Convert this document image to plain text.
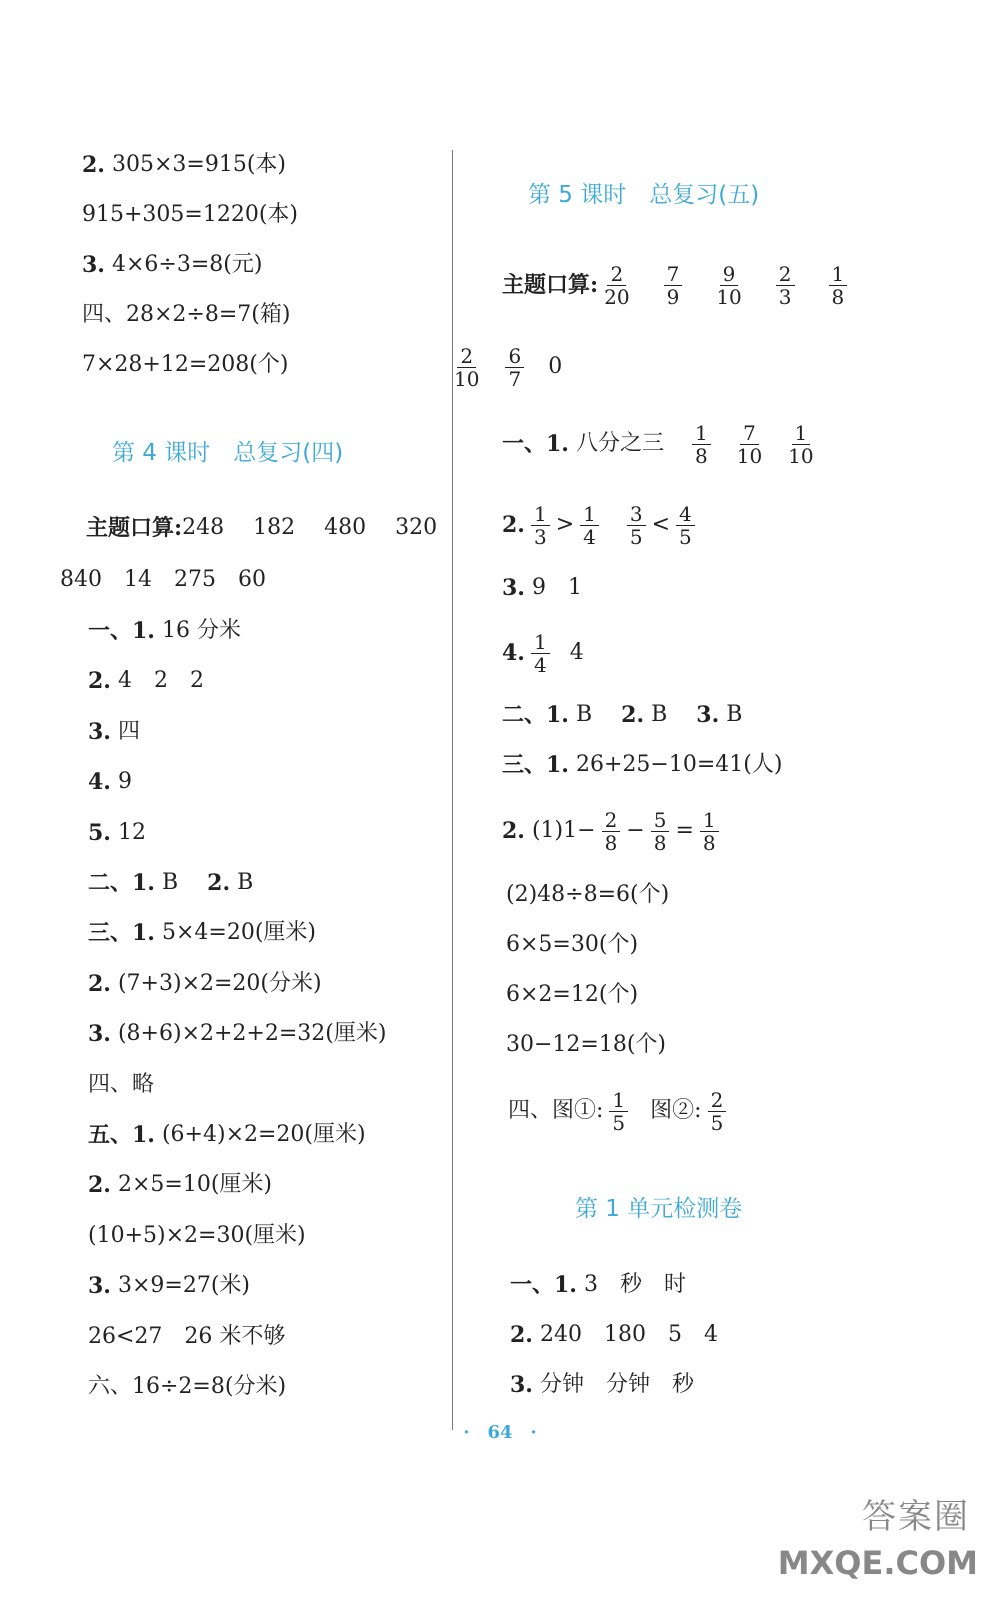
2.
305×3=915(本)
915+305=1220(本)
3.
4×6÷3=8(元)
四、28×2÷8=7(箱)
7×28+12=208(个)
第 4 课时　总复习(四)
主题口算: 248　 182　 480　 320
840　14　275　60
一、1.
16 分米
2.
4　2　2
3.
四
4.
9
5.
12
二、1.
B　
2.
B
三、1.
5×4=20(厘米)
2.
(7+3)×2=20(分米)
3.
(8+6)×2+2+2=32(厘米)
四、略
五、1.
(6+4)×2=20(厘米)
2.
2×5=10(厘米)
(10+5)×2=30(厘米)
3.
3×9=27(米)
26<27　26 米不够
六、16÷2=8(分米)
第 5 课时　总复习(五)
主题口算: $\frac{2}{20} \frac{7}{9} \frac{9}{10} \frac{2}{3} \frac{1}{8}$
$\frac{2}{10} \frac{6}{7} 0$
一、1.
八分之三 $\frac{1}{8} \frac{7}{10} \frac{1}{10}$
2. $\frac{1}{3} > \frac{1}{4} \frac{3}{5} < \frac{4}{5}$
3.
9　1
4. $\frac{1}{4} 4$
二、1.
B　
2.
B　
3.
B
三、1.
26+25−10=41(人)
2.
$(1)1- \frac{2}{8} - \frac{5}{8} = \frac{1}{8}$
(2)48÷8=6(个)
6×5=30(个)
6×2=12(个)
30−12=18(个)
四、图①: $\frac{1}{5}$ 图②: $\frac{2}{5}$
第 1 单元检测卷
一、1.
3　秒　时
2.
240　180　5　4
3.
分钟　分钟　秒
·　64　·
答案圈
MXQE.COM
